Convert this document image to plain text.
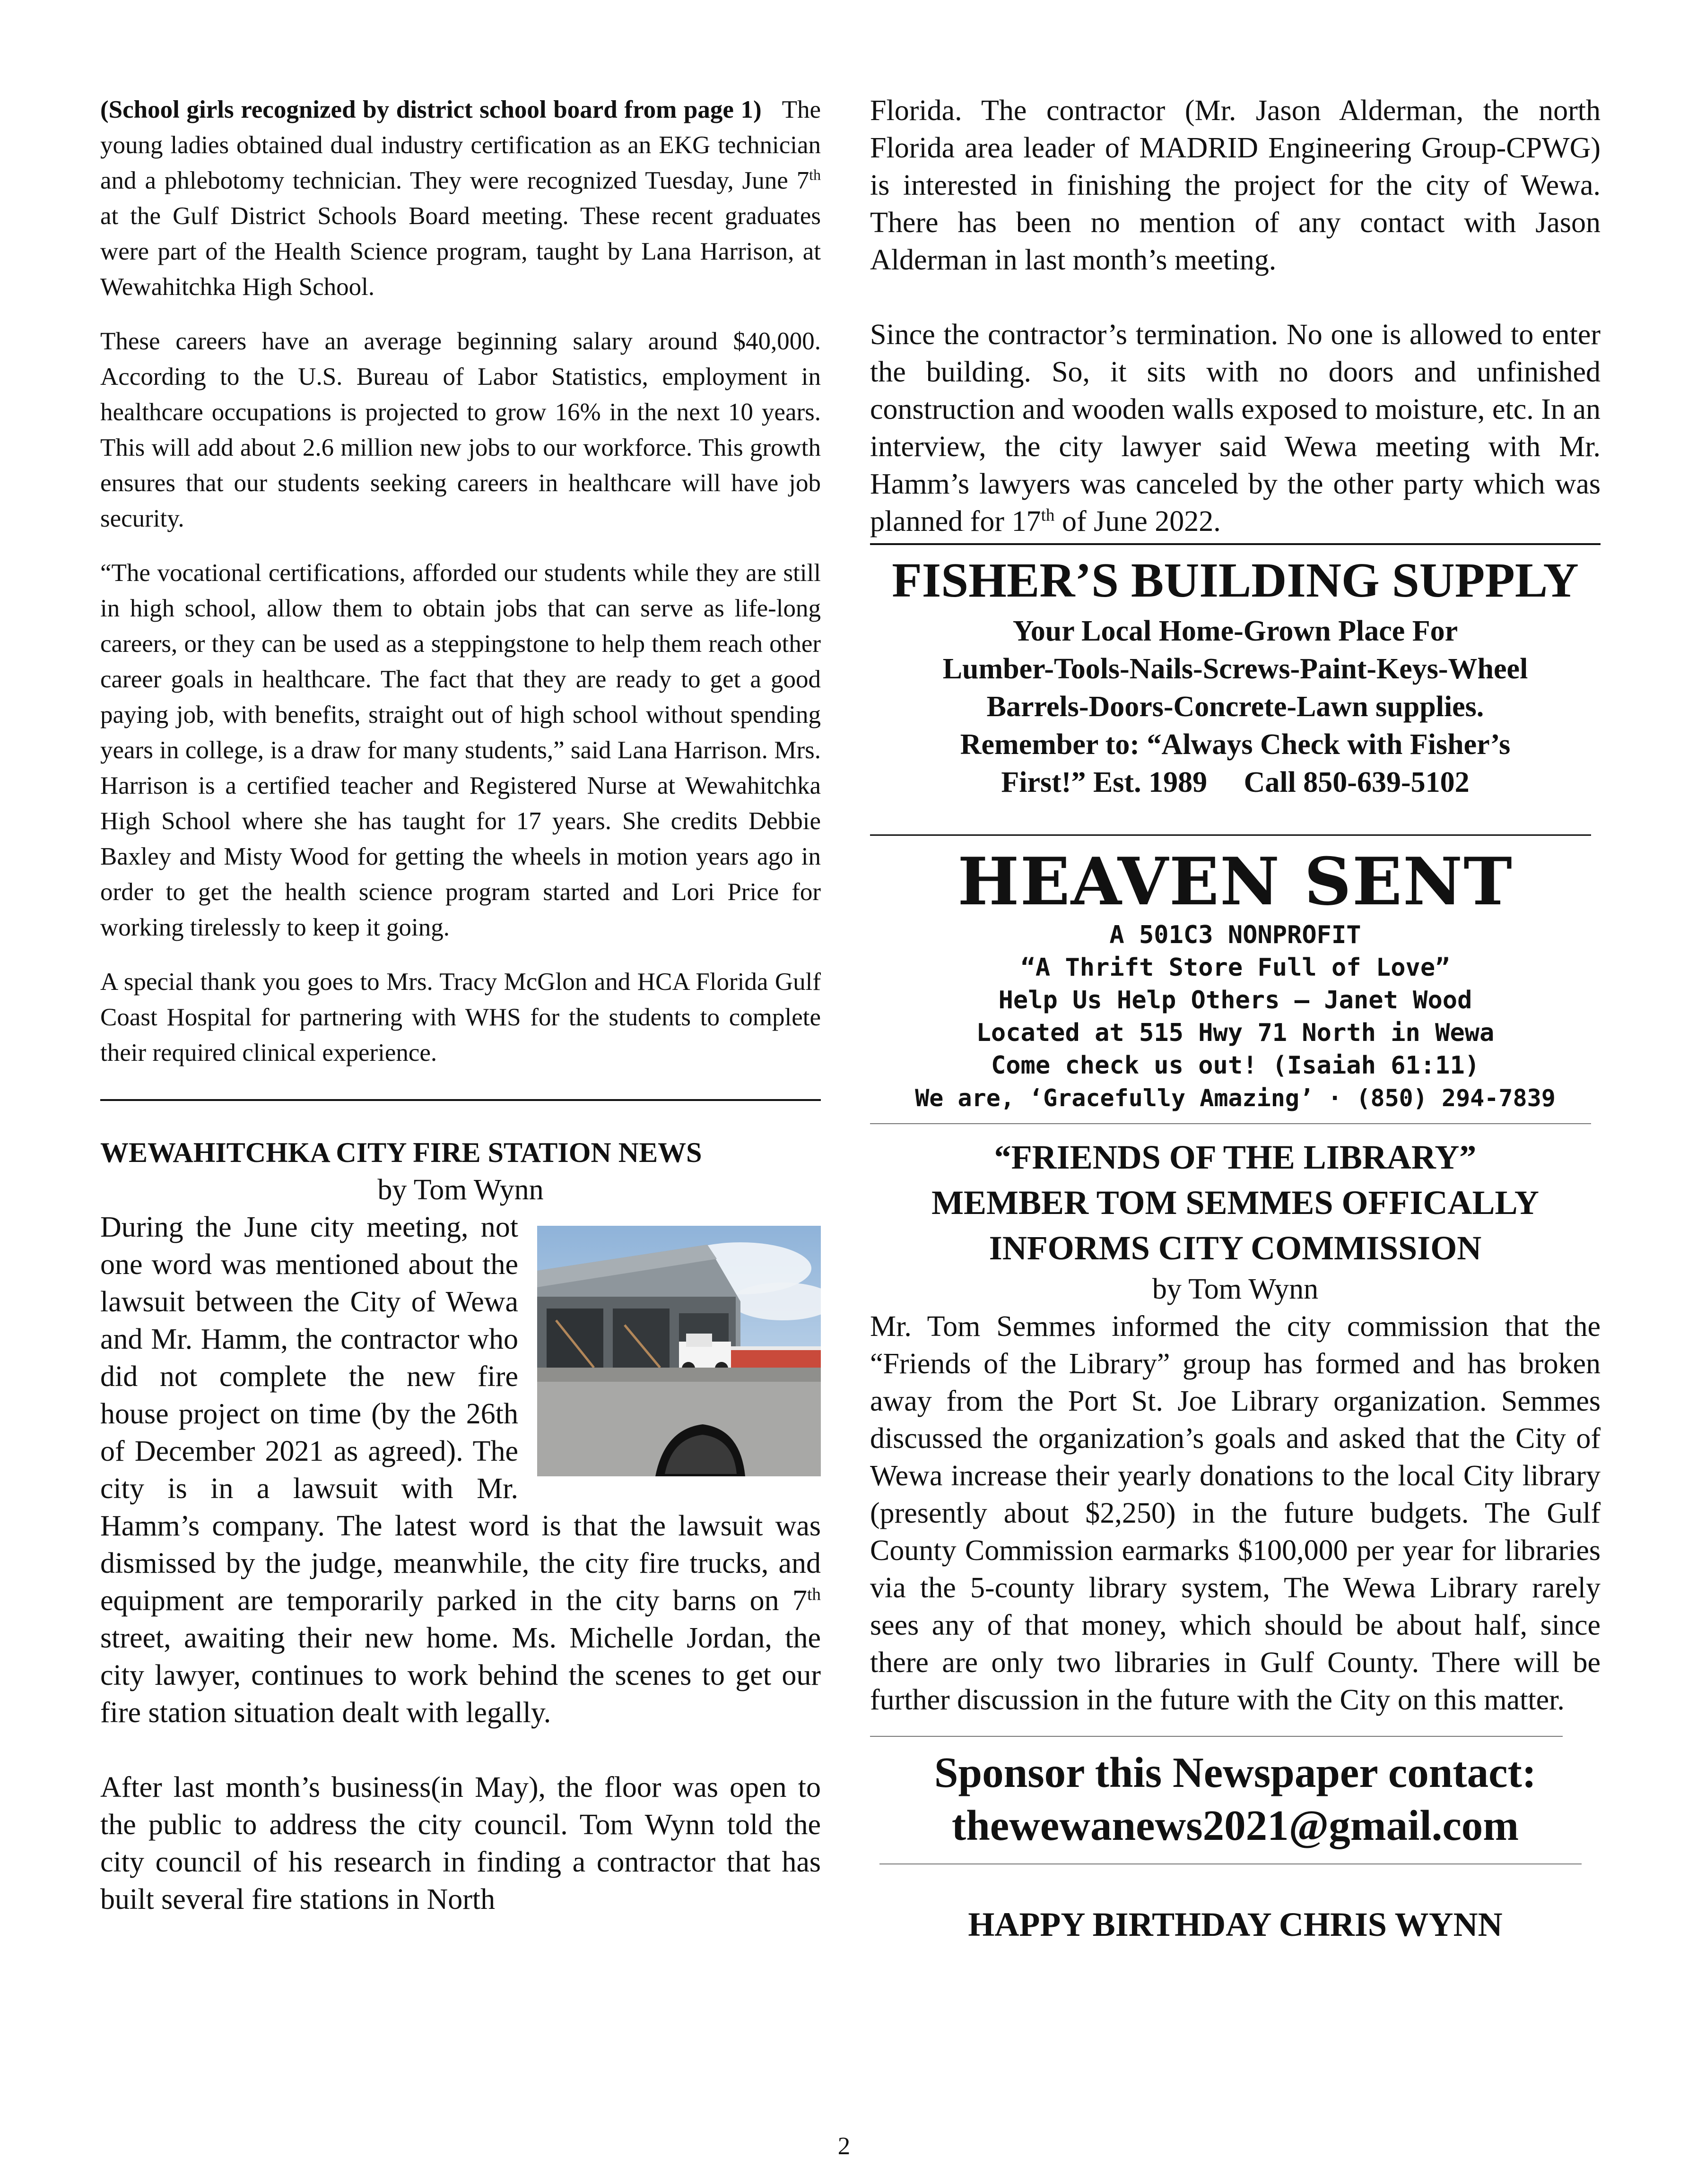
(School girls recognized by district school board from page 1) The young ladies obtained dual industry certification as an EKG technician and a phlebotomy technician. They were recognized Tuesday, June 7th at the Gulf District Schools Board meeting. These recent graduates were part of the Health Science program, taught by Lana Harrison, at Wewahitchka High School.

These careers have an average beginning salary around $40,000. According to the U.S. Bureau of Labor Statistics, employment in healthcare occupations is projected to grow 16% in the next 10 years. This will add about 2.6 million new jobs to our workforce. This growth ensures that our students seeking careers in healthcare will have job security.

“The vocational certifications, afforded our students while they are still in high school, allow them to obtain jobs that can serve as life-long careers, or they can be used as a steppingstone to help them reach other career goals in healthcare. The fact that they are ready to get a good paying job, with benefits, straight out of high school without spending years in college, is a draw for many students,” said Lana Harrison. Mrs. Harrison is a certified teacher and Registered Nurse at Wewahitchka High School where she has taught for 17 years. She credits Debbie Baxley and Misty Wood for getting the wheels in motion years ago in order to get the health science program started and Lori Price for working tirelessly to keep it going.

A special thank you goes to Mrs. Tracy McGlon and HCA Florida Gulf Coast Hospital for partnering with WHS for the students to complete their required clinical experience.

WEWAHITCHKA CITY FIRE STATION NEWS

by Tom Wynn

During the June city meeting, not one word was mentioned about the lawsuit between the City of Wewa and Mr. Hamm, the contractor who did not complete the new fire house project on time (by the 26th of December 2021 as agreed). The city is in a lawsuit with Mr. Hamm’s company. The latest word is that the lawsuit was dismissed by the judge, meanwhile, the city fire trucks, and equipment are temporarily parked in the city barns on 7th street, awaiting their new home. Ms. Michelle Jordan, the city lawyer, continues to work behind the scenes to get our fire station situation dealt with legally.

After last month’s business(in May), the floor was open to the public to address the city council. Tom Wynn told the city council of his research in finding a contractor that has built several fire stations in North

Florida. The contractor (Mr. Jason Alderman, the north Florida area leader of MADRID Engineering Group-CPWG) is interested in finishing the project for the city of Wewa. There has been no mention of any contact with Jason Alderman in last month’s meeting.

Since the contractor’s termination. No one is allowed to enter the building. So, it sits with no doors and unfinished construction and wooden walls exposed to moisture, etc. In an interview, the city lawyer said Wewa meeting with Mr. Hamm’s lawyers was canceled by the other party which was planned for 17th of June 2022.

FISHER’S BUILDING SUPPLY

Your Local Home-Grown Place For

Lumber-Tools-Nails-Screws-Paint-Keys-Wheel

Barrels-Doors-Concrete-Lawn supplies.

Remember to: “Always Check with Fisher’s

First!” Est. 1989     Call 850-639-5102

HEAVEN SENT

A 501C3 NONPROFIT

“A Thrift Store Full of Love”

Help Us Help Others – Janet Wood

Located at 515 Hwy 71 North in Wewa

Come check us out! (Isaiah 61:11)

We are, ‘Gracefully Amazing’ · (850) 294-7839

“FRIENDS OF THE LIBRARY”

MEMBER TOM SEMMES OFFICALLY

INFORMS CITY COMMISSION

by Tom Wynn

Mr. Tom Semmes informed the city commission that the “Friends of the Library” group has formed and has broken away from the Port St. Joe Library organization. Semmes discussed the organization’s goals and asked that the City of Wewa increase their yearly donations to the local City library (presently about $2,250) in the future budgets. The Gulf County Commission earmarks $100,000 per year for libraries via the 5-county library system, The Wewa Library rarely sees any of that money, which should be about half, since there are only two libraries in Gulf County. There will be further discussion in the future with the City on this matter.

Sponsor this Newspaper contact:
thewewanews2021@gmail.com

HAPPY BIRTHDAY CHRIS WYNN

2
